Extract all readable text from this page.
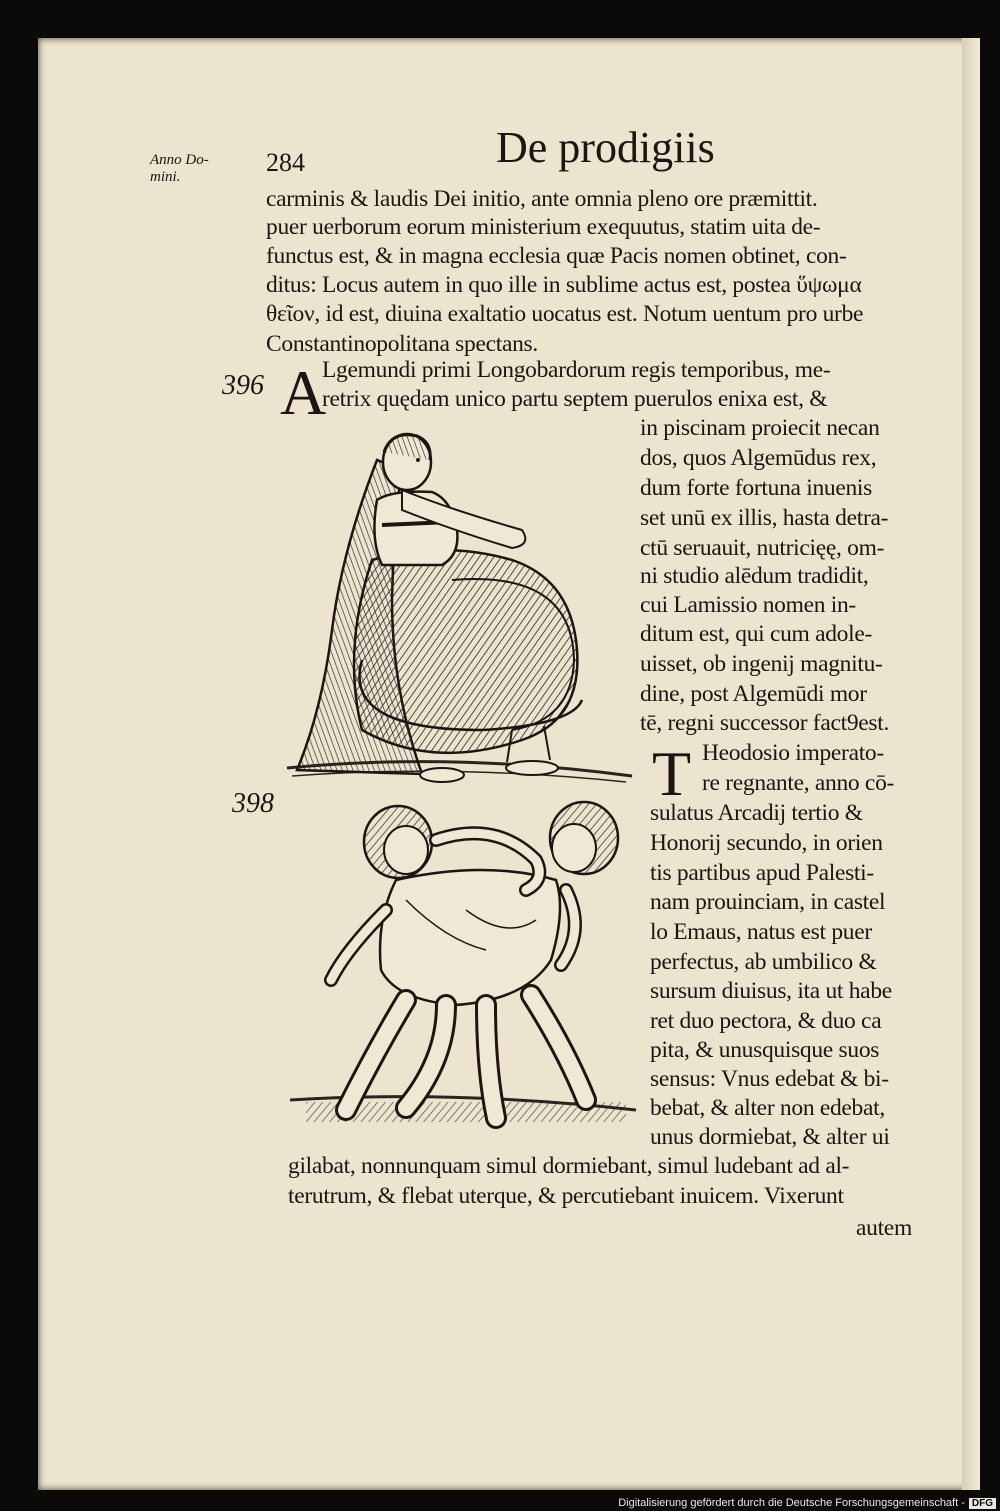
Anno Do-
mini.	284	De prodigiis
carminis & laudis Dei initio, ante omnia pleno ore præmittit.
puer uerborum eorum ministerium exequutus, statim uita de-
functus est, & in magna ecclesia quæ Pacis nomen obtinet, con-
ditus: Locus autem in quo ille in sublime actus est, postea ὕψωμα
θεῖον, id est, diuina exaltatio uocatus est. Notum uentum pro urbe
Constantinopolitana spectans.
396 A
Lgemundi primi Longobardorum regis temporibus, me-
retrix quędam unico partu septem puerulos enixa est, &
in piscinam proiecit necan
dos, quos Algemūdus rex,
dum forte fortuna inuenis
set unū ex illis, hasta detra-
ctū seruauit, nutricięę, om-
ni studio alēdum tradidit,
cui Lamissio nomen in-
ditum est, qui cum adole-
uisset, ob ingenij magnitu-
dine, post Algemūdi mor
tē, regni successor fact9est.
398	T Heodosio imperato-
re regnante, anno cō-
sulatus Arcadij tertio &
Honorij secundo, in orien
tis partibus apud Palesti-
nam prouinciam, in castel
lo Emaus, natus est puer
perfectus, ab umbilico &
sursum diuisus, ita ut habe
ret duo pectora, & duo ca
pita, & unusquisque suos
sensus: Vnus edebat & bi-
bebat, & alter non edebat,
unus dormiebat, & alter ui
gilabat, nonnunquam simul dormiebant, simul ludebant ad al-
terutrum, & flebat uterque, & percutiebant inuicem. Vixerunt
autem
Digitalisierung gefördert durch die Deutsche Forschungsgemeinschaft - DFG
